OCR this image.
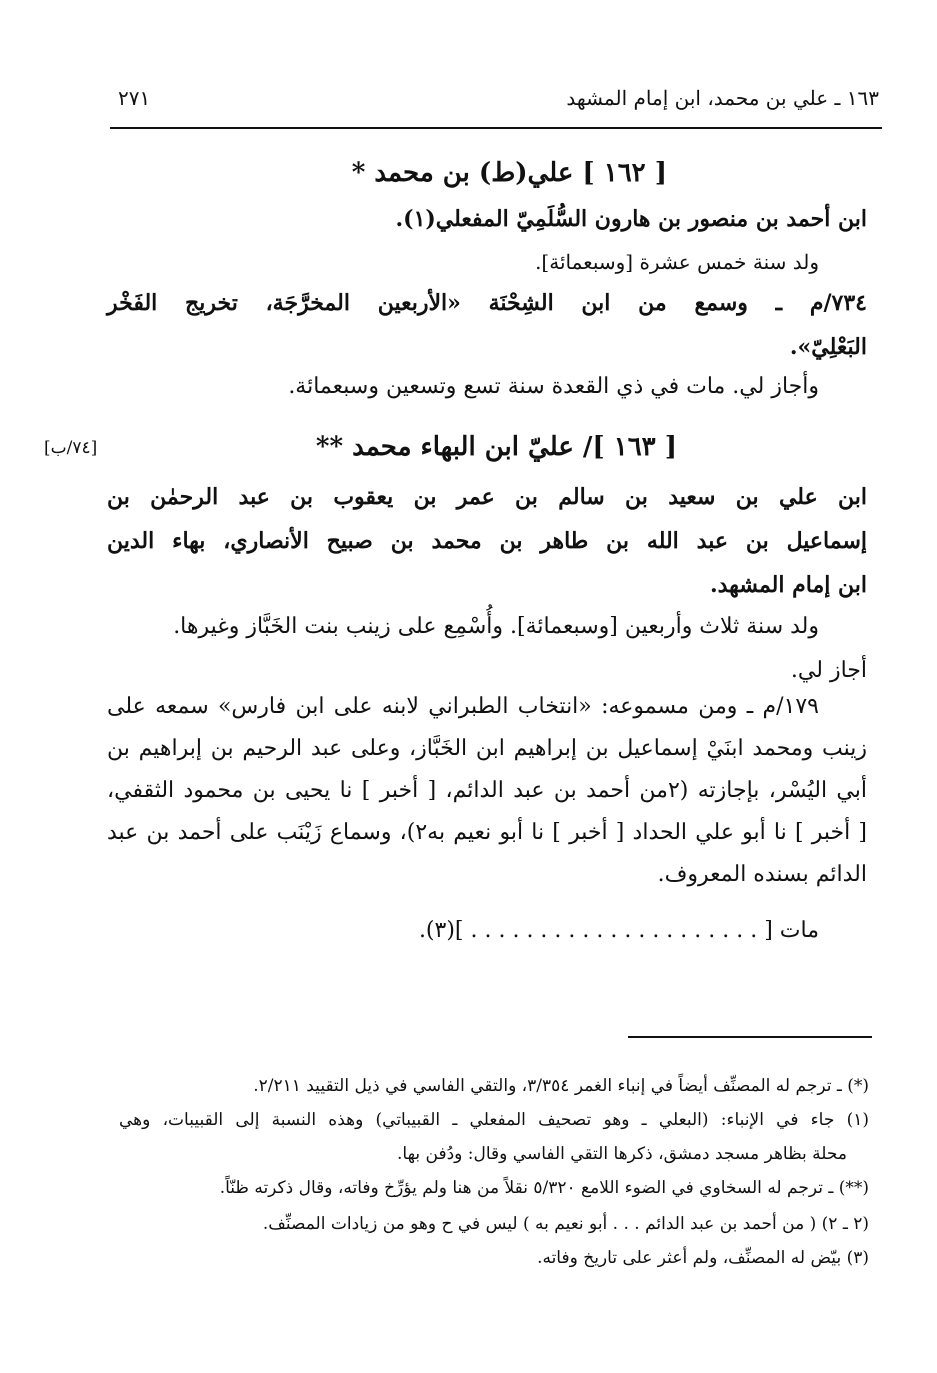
١٦٣ ـ علي بن محمد، ابن إمام المشهد
٢٧١
[ ١٦٢ ] علي(ط) بن محمد *
ابن أحمد بن منصور بن هارون السُّلَمِيّ المفعلي(١).
ولد سنة خمس عشرة [وسبعمائة].
٧٣٤/م ـ وسمع من ابن الشِحْنَة «الأربعين المخرَّجَة، تخريج الفَخْر
البَعْلِيّ».
وأجاز لي. مات في ذي القعدة سنة تسع وتسعين وسبعمائة.
[٧٤/ب]	[ ١٦٣ ]/ عليّ ابن البهاء محمد **
ابن علي بن سعيد بن سالم بن عمر بن يعقوب بن عبد الرحمٰن بن
إسماعيل بن عبد الله بن طاهر بن محمد بن صبيح الأنصاري، بهاء الدين
ابن إمام المشهد.
ولد سنة ثلاث وأربعين [وسبعمائة]. وأُسْمِع على زينب بنت الخَبَّاز وغيرها.
أجاز لي.
١٧٩/م ـ ومن مسموعه: «انتخاب الطبراني لابنه على ابن فارس» سمعه على
زينب ومحمد ابنَيْ إسماعيل بن إبراهيم ابن الخَبَّاز، وعلى عبد الرحيم بن إبراهيم بن
أبي اليُسْر، بإجازته (٢من أحمد بن عبد الدائم، [ أخبر ] نا يحيى بن محمود الثقفي،
[ أخبر ] نا أبو علي الحداد [ أخبر ] نا أبو نعيم به٢)، وسماع زَيْنَب على أحمد بن عبد
الدائم بسنده المعروف.
مات [ . . . . . . . . . . . . . . . . . . . . . ](٣).
(*) ـ ترجم له المصنِّف أيضاً في إنباء الغمر ٣/٣٥٤، والتقي الفاسي في ذيل التقييد ٢/٢١١.
(١) جاء في الإنباء: (البعلي ـ وهو تصحيف المفعلي ـ القبيباتي) وهذه النسبة إلى القبيبات، وهي
محلة بظاهر مسجد دمشق، ذكرها التقي الفاسي وقال: ودُفن بها.
(**) ـ ترجم له السخاوي في الضوء اللامع ٥/٣٢٠ نقلاً من هنا ولم يؤرِّخ وفاته، وقال ذكرته ظنّاً.
(٢ ـ ٢) ( من أحمد بن عبد الدائم . . . أبو نعيم به ) ليس في ح وهو من زيادات المصنِّف.
(٣) بيّض له المصنِّف، ولم أعثر على تاريخ وفاته.
